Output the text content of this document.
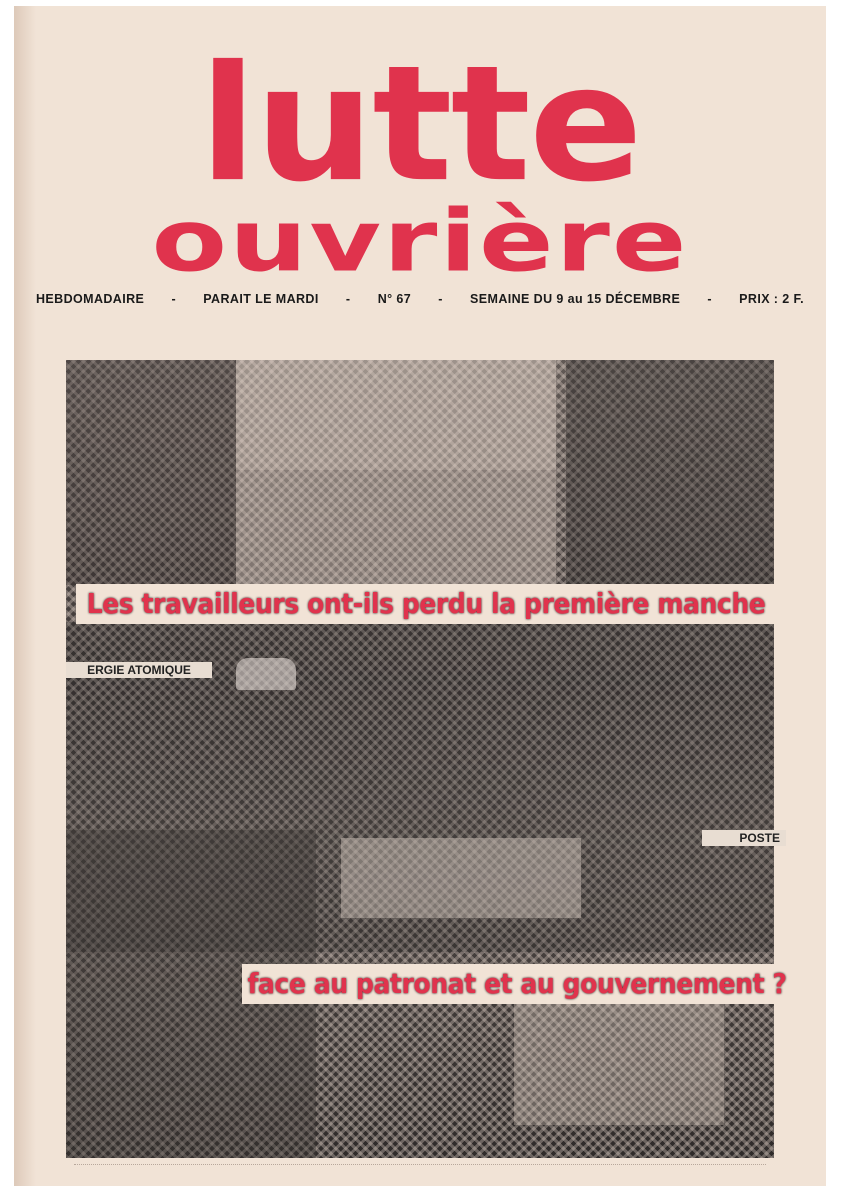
lutte
ouvrière
HEBDOMADAIRE - PARAIT LE MARDI - N° 67 - SEMAINE DU 9 au 15 DÉCEMBRE - PRIX : 2 F.
ERGIE ATOMIQUE
POSTE
Les travailleurs ont-ils perdu la première manche
face au patronat et au gouvernement ?
